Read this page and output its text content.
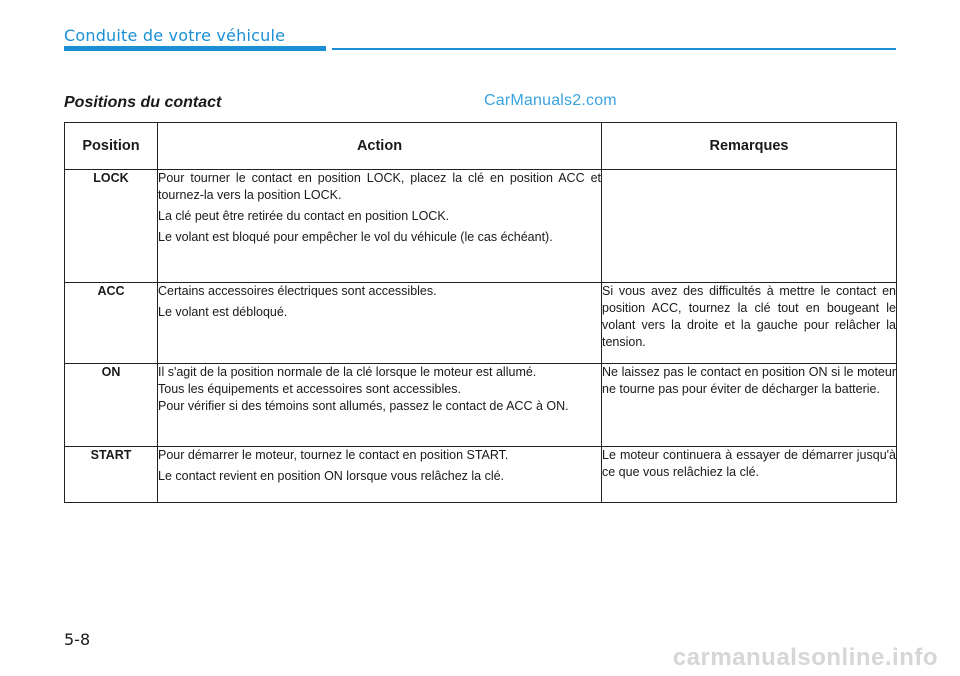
Conduite de votre véhicule
Positions du contact	CarManuals2.com
Position	Action	Remarques
LOCK	Pour tourner le contact en position LOCK, placez la clé en position ACC et tournez-la vers la position LOCK.

La clé peut être retirée du contact en position LOCK.

Le volant est bloqué pour empêcher le vol du véhicule (le cas échéant).	

ACC	Certains accessoires électriques sont accessibles.

Le volant est débloqué.	Si vous avez des difficultés à mettre le contact en position ACC, tournez la clé tout en bougeant le volant vers la droite et la gauche pour relâcher la tension.

ON	Il s'agit de la position normale de la clé lorsque le moteur est allumé.

Tous les équipements et accessoires sont accessibles.

Pour vérifier si des témoins sont allumés, passez le contact de ACC à ON.	Ne laissez pas le contact en position ON si le moteur ne tourne pas pour éviter de décharger la batterie.

START	Pour démarrer le moteur, tournez le contact en position START.

Le contact revient en position ON lorsque vous relâchez la clé.	Le moteur continuera à essayer de démarrer jusqu'à ce que vous relâchiez la clé.

5-8
carmanualsonline.info
